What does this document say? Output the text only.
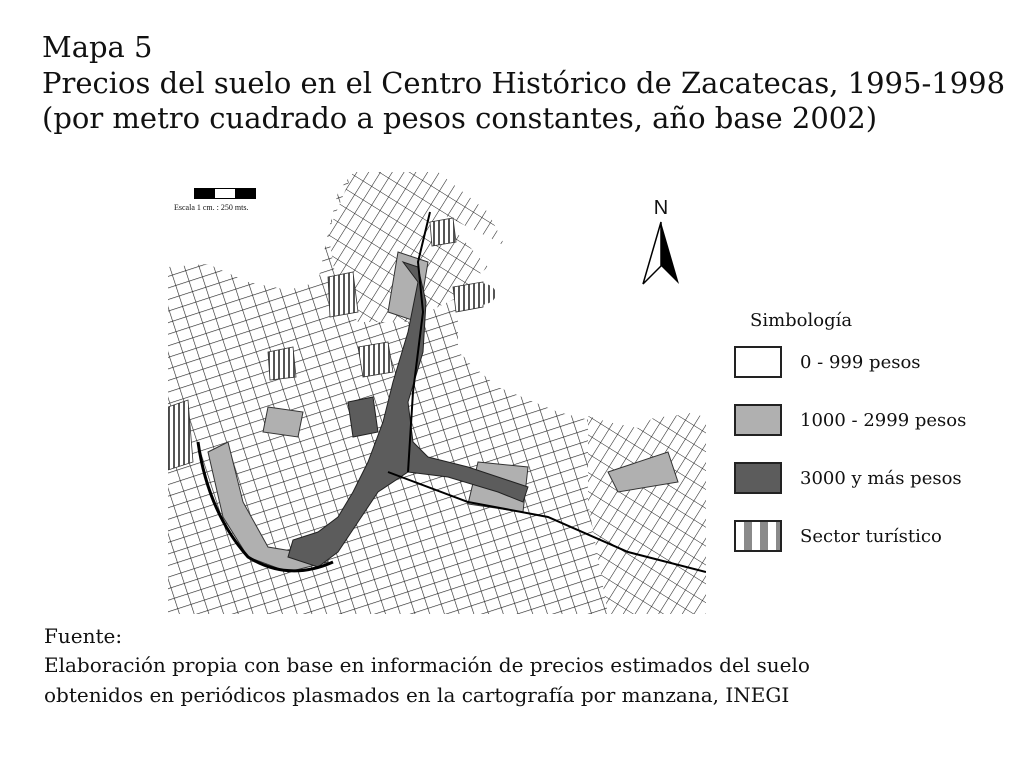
Mapa 5
Precios del suelo en el Centro Histórico de Zacatecas, 1995-1998
(por metro cuadrado a pesos constantes, año base 2002)
Escala 1 cm. : 250 mts.	N
Simbología
0 - 999 pesos
1000 - 2999 pesos
3000 y más pesos
Sector turístico
Fuente:
Elaboración propia con base en información de precios estimados del suelo
obtenidos en periódicos plasmados en la cartografía por manzana, INEGI
